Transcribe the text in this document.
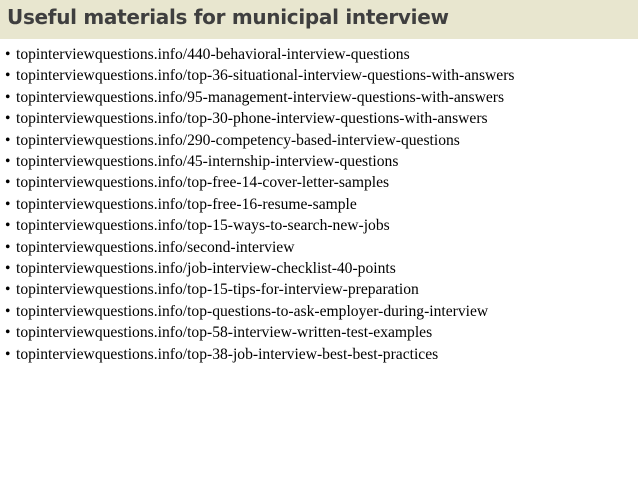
Useful materials for municipal interview
• topinterviewquestions.info/440-behavioral-interview-questions
• topinterviewquestions.info/top-36-situational-interview-questions-with-answers
• topinterviewquestions.info/95-management-interview-questions-with-answers
• topinterviewquestions.info/top-30-phone-interview-questions-with-answers
• topinterviewquestions.info/290-competency-based-interview-questions
• topinterviewquestions.info/45-internship-interview-questions
• topinterviewquestions.info/top-free-14-cover-letter-samples
• topinterviewquestions.info/top-free-16-resume-sample
• topinterviewquestions.info/top-15-ways-to-search-new-jobs
• topinterviewquestions.info/second-interview
• topinterviewquestions.info/job-interview-checklist-40-points
• topinterviewquestions.info/top-15-tips-for-interview-preparation
• topinterviewquestions.info/top-questions-to-ask-employer-during-interview
• topinterviewquestions.info/top-58-interview-written-test-examples
• topinterviewquestions.info/top-38-job-interview-best-best-practices
